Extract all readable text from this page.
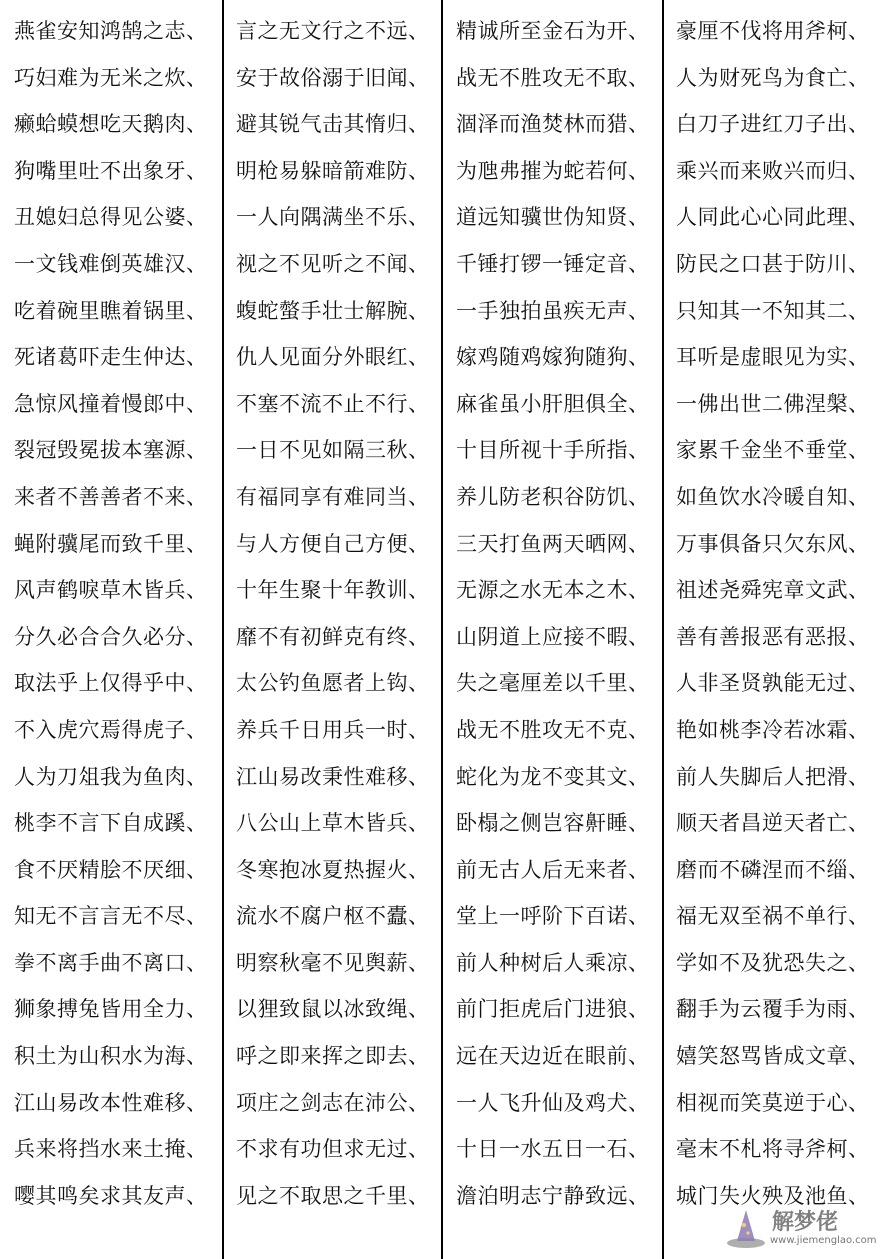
燕雀安知鸿鹄之志、
巧妇难为无米之炊、
癞蛤蟆想吃天鹅肉、
狗嘴里吐不出象牙、
丑媳妇总得见公婆、
一文钱难倒英雄汉、
吃着碗里瞧着锅里、
死诸葛吓走生仲达、
急惊风撞着慢郎中、
裂冠毁冕拔本塞源、
来者不善善者不来、
蝇附骥尾而致千里、
风声鹤唳草木皆兵、
分久必合合久必分、
取法乎上仅得乎中、
不入虎穴焉得虎子、
人为刀俎我为鱼肉、
桃李不言下自成蹊、
食不厌精脍不厌细、
知无不言言无不尽、
拳不离手曲不离口、
狮象搏兔皆用全力、
积土为山积水为海、
江山易改本性难移、
兵来将挡水来土掩、
嘤其鸣矣求其友声、
言之无文行之不远、
安于故俗溺于旧闻、
避其锐气击其惰归、
明枪易躲暗箭难防、
一人向隅满坐不乐、
视之不见听之不闻、
蝮蛇螫手壮士解腕、
仇人见面分外眼红、
不塞不流不止不行、
一日不见如隔三秋、
有福同享有难同当、
与人方便自己方便、
十年生聚十年教训、
靡不有初鲜克有终、
太公钓鱼愿者上钩、
养兵千日用兵一时、
江山易改秉性难移、
八公山上草木皆兵、
冬寒抱冰夏热握火、
流水不腐户枢不蠹、
明察秋毫不见舆薪、
以狸致鼠以冰致绳、
呼之即来挥之即去、
项庄之剑志在沛公、
不求有功但求无过、
见之不取思之千里、
精诚所至金石为开、
战无不胜攻无不取、
涸泽而渔焚林而猎、
为虺弗摧为蛇若何、
道远知骥世伪知贤、
千锤打锣一锤定音、
一手独拍虽疾无声、
嫁鸡随鸡嫁狗随狗、
麻雀虽小肝胆俱全、
十目所视十手所指、
养儿防老积谷防饥、
三天打鱼两天晒网、
无源之水无本之木、
山阴道上应接不暇、
失之毫厘差以千里、
战无不胜攻无不克、
蛇化为龙不变其文、
卧榻之侧岂容鼾睡、
前无古人后无来者、
堂上一呼阶下百诺、
前人种树后人乘凉、
前门拒虎后门进狼、
远在天边近在眼前、
一人飞升仙及鸡犬、
十日一水五日一石、
澹泊明志宁静致远、
豪厘不伐将用斧柯、
人为财死鸟为食亡、
白刀子进红刀子出、
乘兴而来败兴而归、
人同此心心同此理、
防民之口甚于防川、
只知其一不知其二、
耳听是虚眼见为实、
一佛出世二佛涅槃、
家累千金坐不垂堂、
如鱼饮水冷暖自知、
万事俱备只欠东风、
祖述尧舜宪章文武、
善有善报恶有恶报、
人非圣贤孰能无过、
艳如桃李冷若冰霜、
前人失脚后人把滑、
顺天者昌逆天者亡、
磨而不磷涅而不缁、
福无双至祸不单行、
学如不及犹恐失之、
翻手为云覆手为雨、
嬉笑怒骂皆成文章、
相视而笑莫逆于心、
毫末不札将寻斧柯、
城门失火殃及池鱼、
解梦佬
www.jiemenglao.com
